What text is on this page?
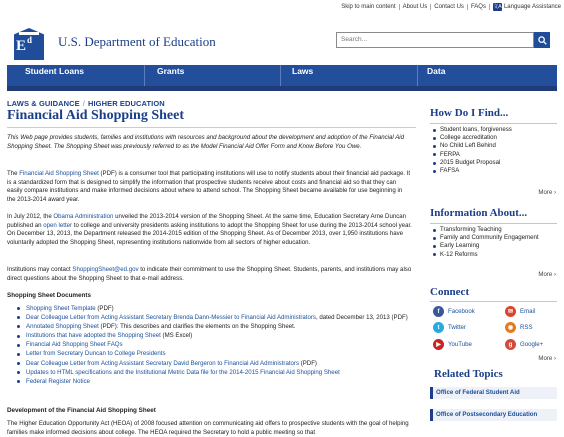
Skip to main content	About Us	Contact Us	FAQs	文A Language Assistance
E d U.S. Department of Education	Search...
Student Loans	Grants	Laws	Data
LAWS & GUIDANCE / HIGHER EDUCATION
Financial Aid Shopping Sheet

This Web page provides students, families and institutions with resources and background about the development and adoption of the Financial Aid Shopping Sheet. The Shopping Sheet was previously referred to as the Model Financial Aid Offer Form and Know Before You Owe.

The Financial Aid Shopping Sheet (PDF) is a consumer tool that participating institutions will use to notify students about their financial aid package. It is a standardized form that is designed to simplify the information that prospective students receive about costs and financial aid so that they can easily compare institutions and make informed decisions about where to attend school. The Shopping Sheet became available for use beginning in the 2013-2014 award year.

In July 2012, the Obama Administration unveiled the 2013-2014 version of the Shopping Sheet. At the same time, Education Secretary Arne Duncan published an open letter to college and university presidents asking institutions to adopt the Shopping Sheet for use during the 2013-2014 school year. On December 13, 2013, the Department released the 2014-2015 edition of the Shopping Sheet. As of December 2013, over 1,950 institutions have voluntarily adopted the Shopping Sheet, representing institutions nationwide from all sectors of higher education.

Institutions may contact ShoppingSheet@ed.gov to indicate their commitment to use the Shopping Sheet. Students, parents, and institutions may also direct questions about the Shopping Sheet to that e-mail address.

Shopping Sheet Documents
Shopping Sheet Template (PDF)
Dear Colleague Letter from Acting Assistant Secretary Brenda Dann-Messier to Financial Aid Administrators, dated December 13, 2013 (PDF)
Annotated Shopping Sheet (PDF): This describes and clarifies the elements on the Shopping Sheet.
Institutions that have adopted the Shopping Sheet (MS Excel)
Financial Aid Shopping Sheet FAQs
Letter from Secretary Duncan to College Presidents
Dear Colleague Letter from Acting Assistant Secretary David Bergeron to Financial Aid Administrators (PDF)
Updates to HTML specifications and the Institutional Metric Data file for the 2014-2015 Financial Aid Shopping Sheet
Federal Register Notice
Development of the Financial Aid Shopping Sheet

The Higher Education Opportunity Act (HEOA) of 2008 focused attention on communicating aid offers to prospective students with the goal of helping families make informed decisions about college. The HEOA required the Secretary to hold a public meeting so that

How Do I Find...
Student loans, forgiveness
College accreditation
No Child Left Behind
FERPA
2015 Budget Proposal
FAFSA
More ›
Information About...
Transforming Teaching
Family and Community Engagement
Early Learning
K-12 Reforms
More ›
Connect
f	Facebook	✉	Email
t	Twitter	◉	RSS
▶	YouTube	g	Google+
More ›
Related Topics
Office of Federal Student Aid
Office of Postsecondary Education
